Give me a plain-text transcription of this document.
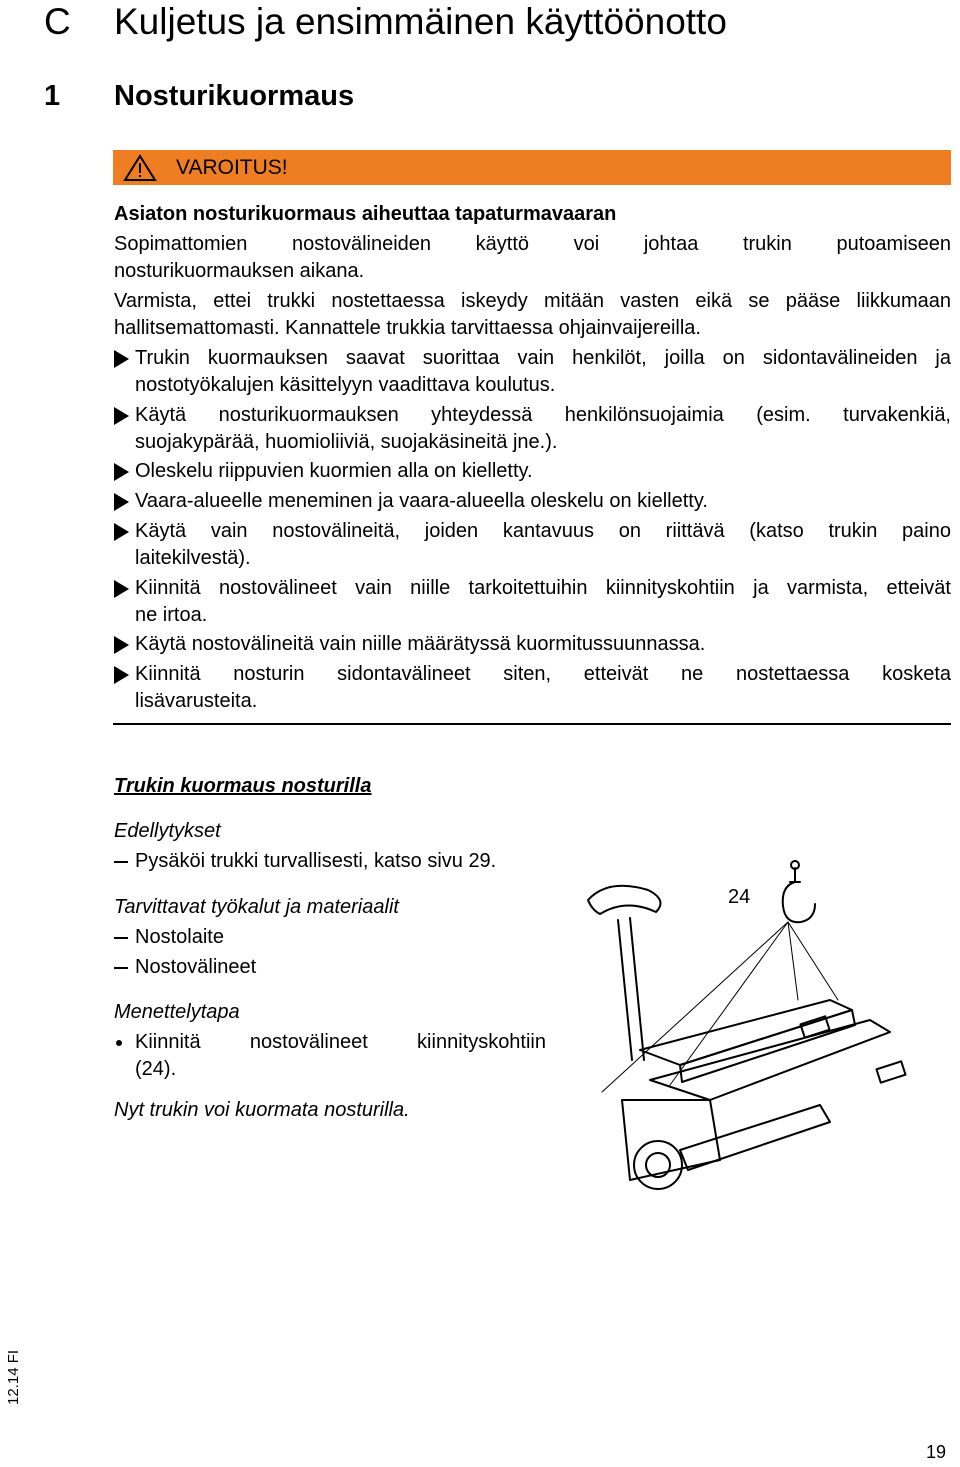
C Kuljetus ja ensimmäinen käyttöönotto
1 Nosturikuormaus
VAROITUS!
Asiaton nosturikuormaus aiheuttaa tapaturmavaaran
Sopimattomien nostovälineiden käyttö voi johtaa trukin putoamiseen
nosturikuormauksen aikana.
Varmista, ettei trukki nostettaessa iskeydy mitään vasten eikä se pääse liikkumaan
hallitsemattomasti. Kannattele trukkia tarvittaessa ohjainvaijereilla.
Trukin kuormauksen saavat suorittaa vain henkilöt, joilla on sidontavälineiden ja
nostotyökalujen käsittelyyn vaadittava koulutus.
Käytä nosturikuormauksen yhteydessä henkilönsuojaimia (esim. turvakenkiä,
suojakypärää, huomioliiviä, suojakäsineitä jne.).
Oleskelu riippuvien kuormien alla on kielletty.
Vaara-alueelle meneminen ja vaara-alueella oleskelu on kielletty.
Käytä vain nostovälineitä, joiden kantavuus on riittävä (katso trukin paino
laitekilvestä).
Kiinnitä nostovälineet vain niille tarkoitettuihin kiinnityskohtiin ja varmista, etteivät
ne irtoa.
Käytä nostovälineitä vain niille määrätyssä kuormitussuunnassa.
Kiinnitä nosturin sidontavälineet siten, etteivät ne nostettaessa kosketa
lisävarusteita.
Trukin kuormaus nosturilla
Edellytykset
Pysäköi trukki turvallisesti, katso sivu 29.
Tarvittavat työkalut ja materiaalit
Nostolaite
Nostovälineet
Menettelytapa
Kiinnitä nostovälineet kiinnityskohtiin
(24).
Nyt trukin voi kuormata nosturilla.
24
12.14 FI
19
